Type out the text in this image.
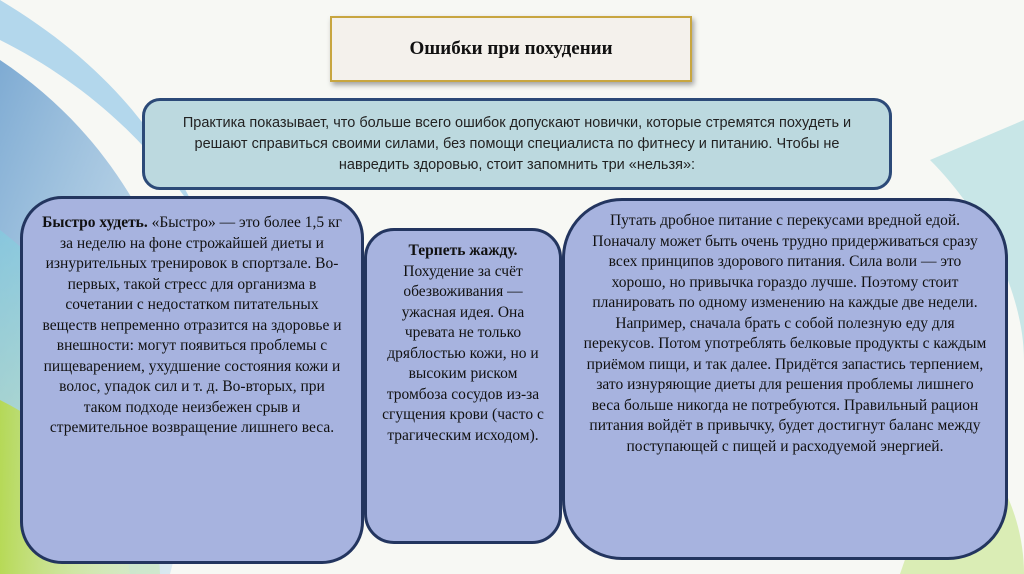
Ошибки при похудении
Практика показывает, что больше всего ошибок допускают новички, которые стремятся похудеть и решают справиться своими силами, без помощи специалиста по фитнесу и питанию. Чтобы не навредить здоровью, стоит запомнить три «нельзя»:
Быстро худеть. «Быстро» — это более 1,5 кг за неделю на фоне строжайшей диеты и изнурительных тренировок в спортзале. Во-первых, такой стресс для организма в сочетании с недостатком питательных веществ непременно отразится на здоровье и внешности: могут появиться проблемы с пищеварением, ухудшение состояния кожи и волос, упадок сил и т. д. Во-вторых, при таком подходе неизбежен срыв и стремительное возвращение лишнего веса.
Терпеть жажду.
Похудение за счёт обезвоживания — ужасная идея. Она чревата не только дряблостью кожи, но и высоким риском тромбоза сосудов из-за сгущения крови (часто с трагическим исходом).
Путать дробное питание с перекусами вредной едой. Поначалу может быть очень трудно придерживаться сразу всех принципов здорового питания. Сила воли — это хорошо, но привычка гораздо лучше. Поэтому стоит планировать по одному изменению на каждые две недели. Например, сначала брать с собой полезную еду для перекусов. Потом употреблять белковые продукты с каждым приёмом пищи, и так далее. Придётся запастись терпением, зато изнуряющие диеты для решения проблемы лишнего веса больше никогда не потребуются. Правильный рацион питания войдёт в привычку, будет достигнут баланс между поступающей с пищей и расходуемой энергией.
